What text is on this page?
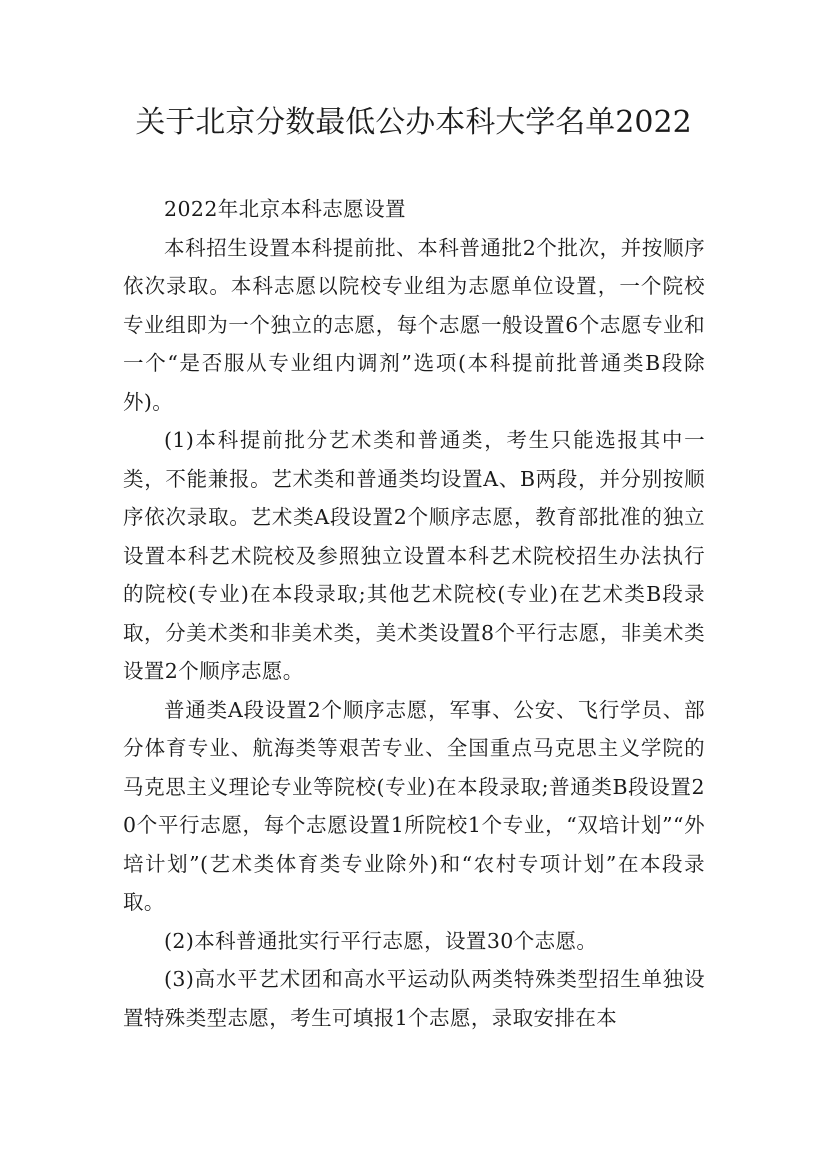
关于北京分数最低公办本科大学名单2022

2022年北京本科志愿设置

本科招生设置本科提前批、本科普通批2个批次，并按顺序依次录取。本科志愿以院校专业组为志愿单位设置，一个院校专业组即为一个独立的志愿，每个志愿一般设置6个志愿专业和一个“是否服从专业组内调剂”选项(本科提前批普通类B段除外)。

(1)本科提前批分艺术类和普通类，考生只能选报其中一类，不能兼报。艺术类和普通类均设置A、B两段，并分别按顺序依次录取。艺术类A段设置2个顺序志愿，教育部批准的独立设置本科艺术院校及参照独立设置本科艺术院校招生办法执行的院校(专业)在本段录取;其他艺术院校(专业)在艺术类B段录取，分美术类和非美术类，美术类设置8个平行志愿，非美术类设置2个顺序志愿。

普通类A段设置2个顺序志愿，军事、公安、飞行学员、部分体育专业、航海类等艰苦专业、全国重点马克思主义学院的马克思主义理论专业等院校(专业)在本段录取;普通类B段设置20个平行志愿，每个志愿设置1所院校1个专业，“双培计划”“外培计划”(艺术类体育类专业除外)和“农村专项计划”在本段录取。

(2)本科普通批实行平行志愿，设置30个志愿。

(3)高水平艺术团和高水平运动队两类特殊类型招生单独设置特殊类型志愿，考生可填报1个志愿，录取安排在本
